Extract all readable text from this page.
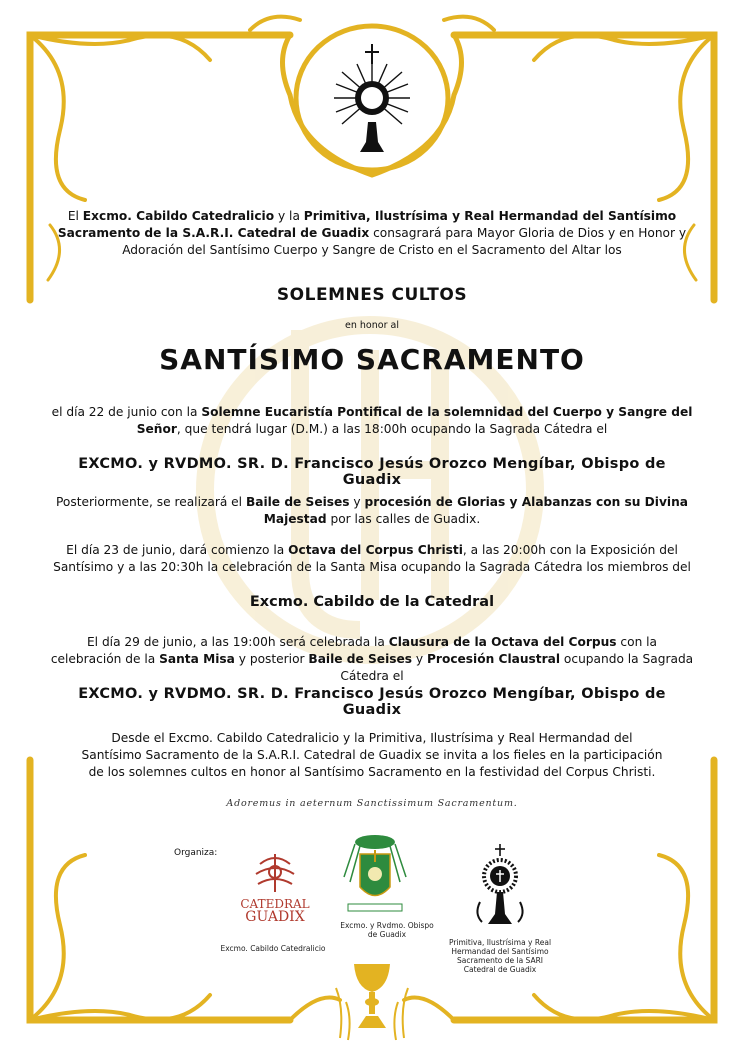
El Excmo. Cabildo Catedralicio y la Primitiva, Ilustrísima y Real Hermandad del Santísimo Sacramento de la S.A.R.I. Catedral de Guadix consagrará para Mayor Gloria de Dios y en Honor y Adoración del Santísimo Cuerpo y Sangre de Cristo en el Sacramento del Altar los
SOLEMNES CULTOS
en honor al
SANTÍSIMO SACRAMENTO
el día 22 de junio con la Solemne Eucaristía Pontifical de la solemnidad del Cuerpo y Sangre del Señor, que tendrá lugar (D.M.) a las 18:00h ocupando la Sagrada Cátedra el
EXCMO. y RVDMO. SR. D. Francisco Jesús Orozco Mengíbar, Obispo de Guadix
Posteriormente, se realizará el Baile de Seises y procesión de Glorias y Alabanzas con su Divina Majestad por las calles de Guadix.
El día 23 de junio, dará comienzo la Octava del Corpus Christi, a las 20:00h con la Exposición del Santísimo y a las 20:30h la celebración de la Santa Misa ocupando la Sagrada Cátedra los miembros del
Excmo. Cabildo de la Catedral
El día 29 de junio, a las 19:00h será celebrada la Clausura de la Octava del Corpus con la celebración de la Santa Misa y posterior Baile de Seises y Procesión Claustral ocupando la Sagrada Cátedra el
EXCMO. y RVDMO. SR. D. Francisco Jesús Orozco Mengíbar, Obispo de Guadix
Desde el Excmo. Cabildo Catedralicio y la Primitiva, Ilustrísima y Real Hermandad del Santísimo Sacramento de la S.A.R.I. Catedral de Guadix se invita a los fieles en la participación de los solemnes cultos en honor al Santísimo Sacramento en la festividad del Corpus Christi.
Adoremus in aeternum Sanctissimum Sacramentum.
Organiza:
CATEDRAL
GUADIX
Excmo. Cabildo Catedralicio
Excmo. y Rvdmo. Obispo de Guadix
Primitiva, Ilustrísima y Real Hermandad del Santísimo Sacramento de la SARI Catedral de Guadix
